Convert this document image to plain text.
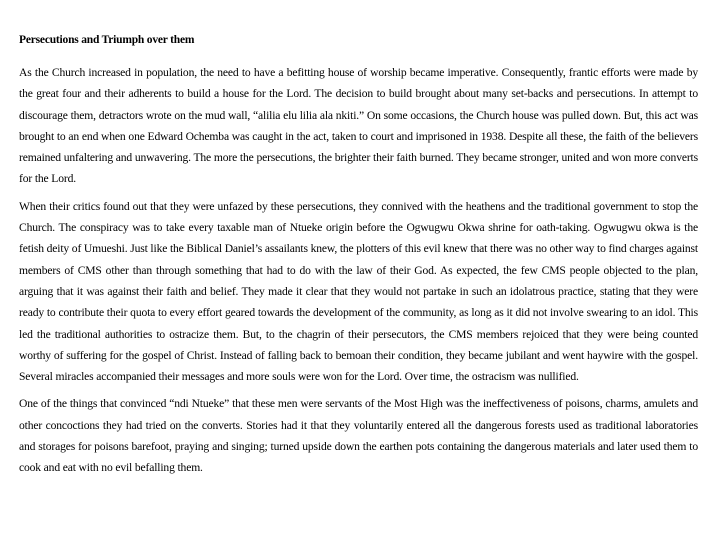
Persecutions and Triumph over them

As the Church increased in population, the need to have a befitting house of worship became imperative. Consequently, frantic efforts were made by the great four and their adherents to build a house for the Lord. The decision to build brought about many set-backs and persecutions. In attempt to discourage them, detractors wrote on the mud wall, “alilia elu lilia ala nkiti.” On some occasions, the Church house was pulled down. But, this act was brought to an end when one Edward Ochemba was caught in the act, taken to court and imprisoned in 1938. Despite all these, the faith of the believers remained unfaltering and unwavering. The more the persecutions, the brighter their faith burned. They became stronger, united and won more converts for the Lord.

When their critics found out that they were unfazed by these persecutions, they connived with the heathens and the traditional government to stop the Church. The conspiracy was to take every taxable man of Ntueke origin before the Ogwugwu Okwa shrine for oath-taking. Ogwugwu okwa is the fetish deity of Umueshi. Just like the Biblical Daniel’s assailants knew, the plotters of this evil knew that there was no other way to find charges against members of CMS other than through something that had to do with the law of their God. As expected, the few CMS people objected to the plan, arguing that it was against their faith and belief. They made it clear that they would not partake in such an idolatrous practice, stating that they were ready to contribute their quota to every effort geared towards the development of the community, as long as it did not involve swearing to an idol. This led the traditional authorities to ostracize them. But, to the chagrin of their persecutors, the CMS members rejoiced that they were being counted worthy of suffering for the gospel of Christ. Instead of falling back to bemoan their condition, they became jubilant and went haywire with the gospel. Several miracles accompanied their messages and more souls were won for the Lord. Over time, the ostracism was nullified.

One of the things that convinced “ndi Ntueke” that these men were servants of the Most High was the ineffectiveness of poisons, charms, amulets and other concoctions they had tried on the converts. Stories had it that they voluntarily entered all the dangerous forests used as traditional laboratories and storages for poisons barefoot, praying and singing; turned upside down the earthen pots containing the dangerous materials and later used them to cook and eat with no evil befalling them.
